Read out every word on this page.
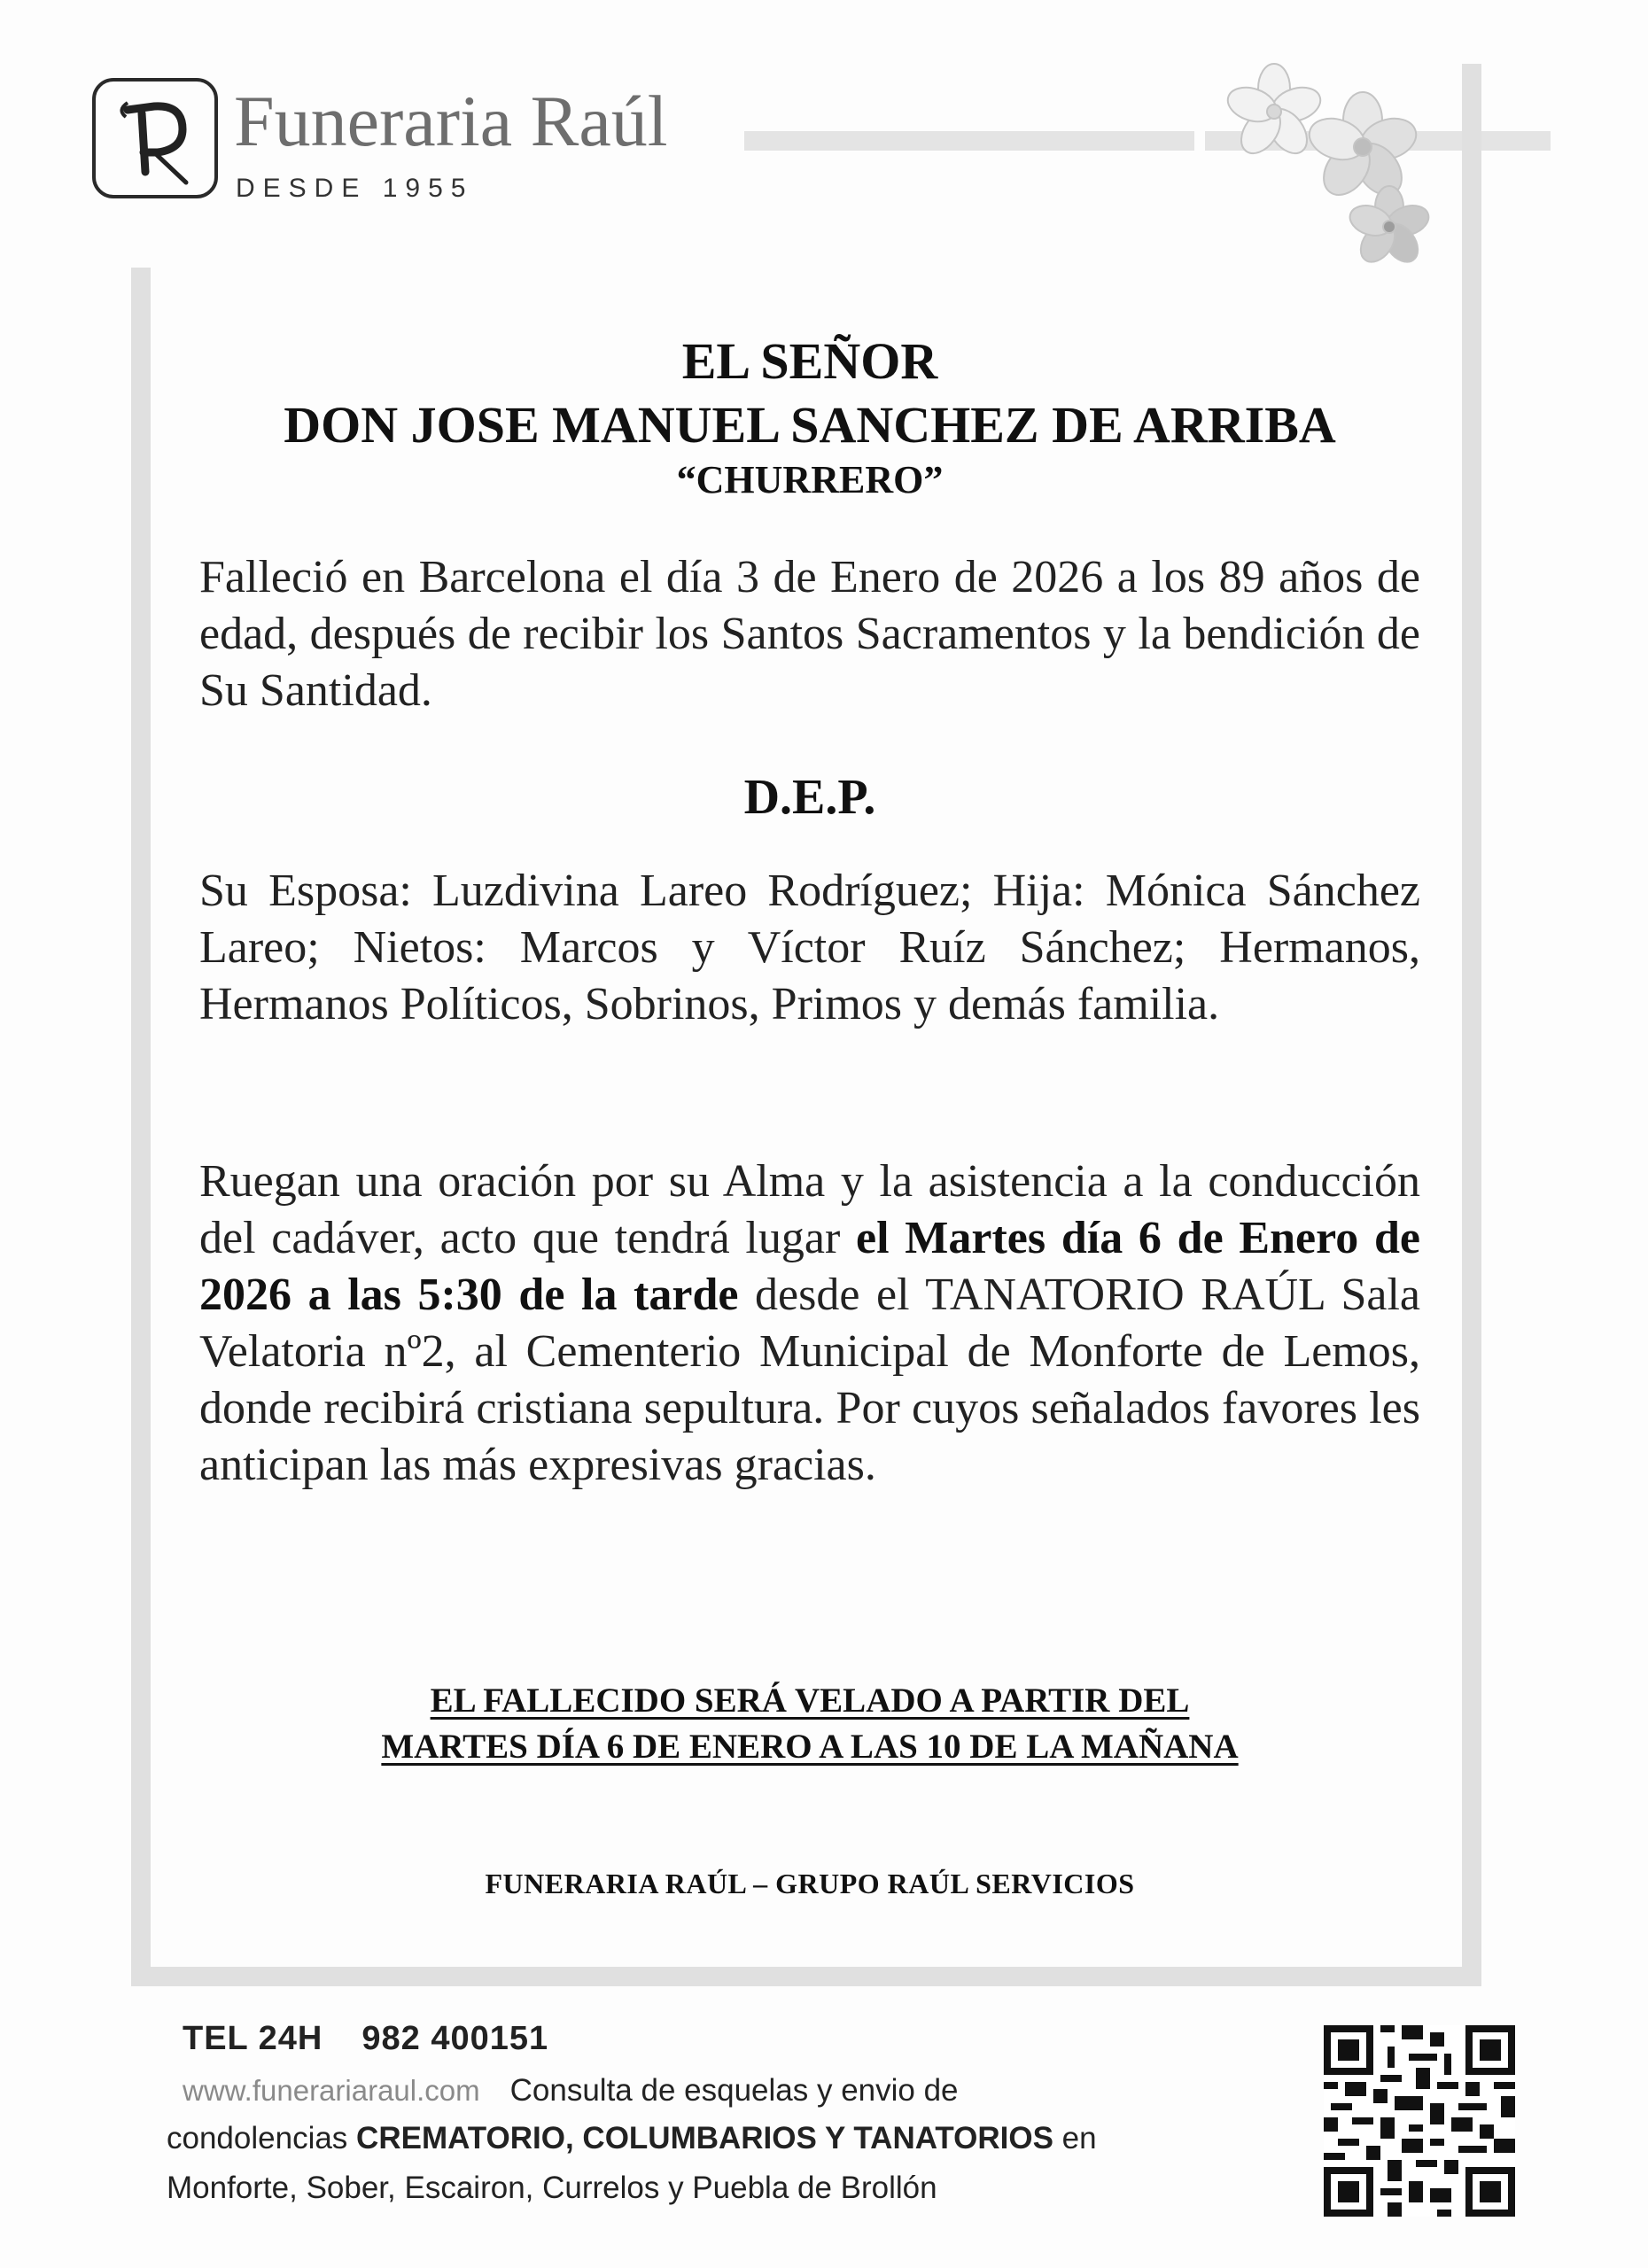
Funeraria Raúl
DESDE 1955
EL SEÑOR
DON JOSE MANUEL SANCHEZ DE ARRIBA
“CHURRERO”
Falleció en Barcelona el día 3 de Enero de 2026 a los 89 años de edad, después de recibir los Santos Sacramentos y la bendición de Su Santidad.
D.E.P.
Su Esposa: Luzdivina Lareo Rodríguez; Hija: Mónica Sánchez Lareo; Nietos: Marcos y Víctor Ruíz Sánchez; Hermanos, Hermanos Políticos, Sobrinos, Primos y demás familia.
Ruegan una oración por su Alma y la asistencia a la conducción del cadáver, acto que tendrá lugar el Martes día 6 de Enero de 2026 a las 5:30 de la tarde desde el TANATORIO RAÚL Sala Velatoria nº2, al Cementerio Municipal de Monforte de Lemos, donde recibirá cristiana sepultura. Por cuyos señalados favores les anticipan las más expresivas gracias.
EL FALLECIDO SERÁ VELADO A PARTIR DEL
MARTES DÍA 6 DE ENERO A LAS 10 DE LA MAÑANA
FUNERARIA RAÚL – GRUPO RAÚL SERVICIOS
TEL 24H 982 400151
www.funerariaraul.com Consulta de esquelas y envio de
condolencias CREMATORIO, COLUMBARIOS Y TANATORIOS en
Monforte, Sober, Escairon, Currelos y Puebla de Brollón
